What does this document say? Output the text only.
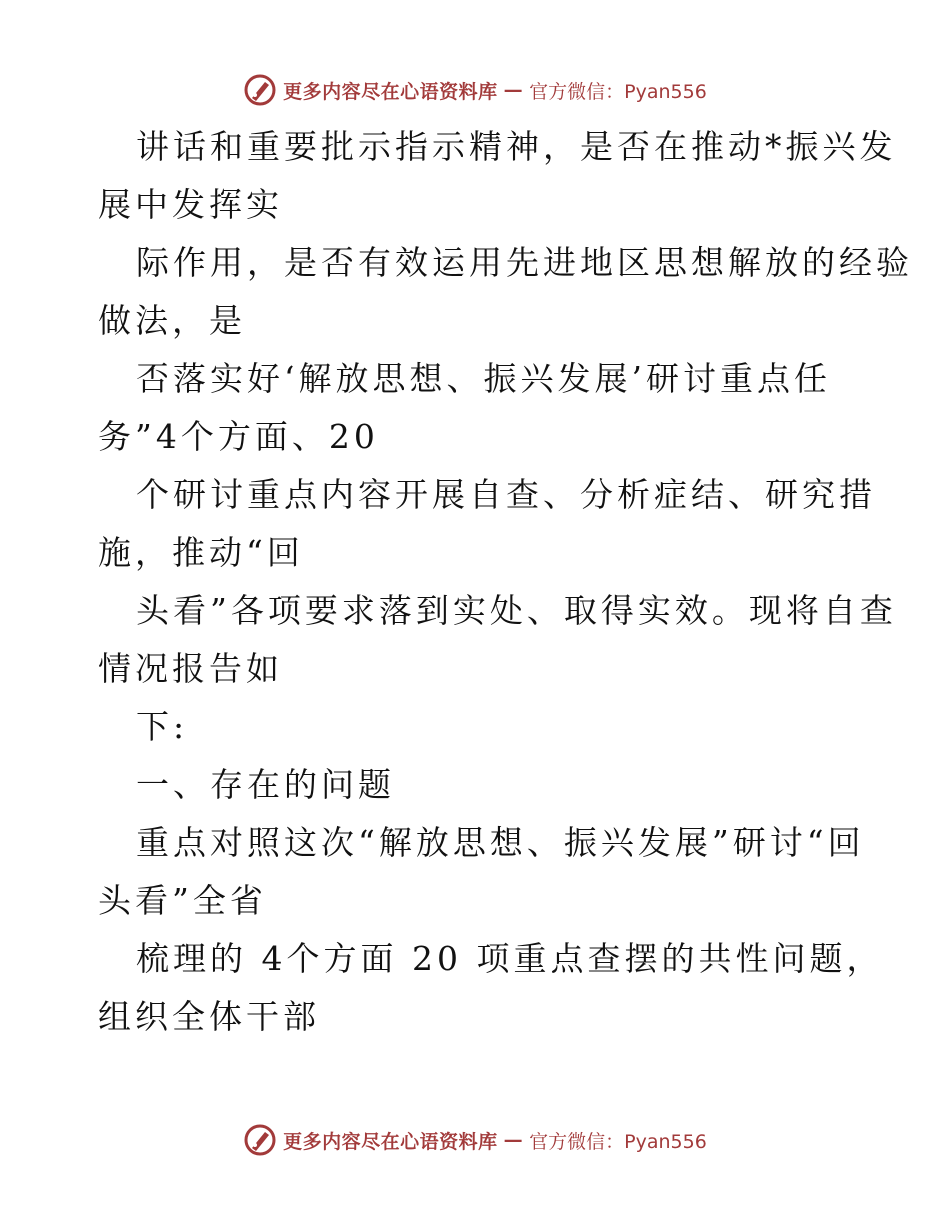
更多内容尽在心语资料库 — 官方微信：Pyan556

讲话和重要批示指示精神，是否在推动*振兴发

展中发挥实

际作用，是否有效运用先进地区思想解放的经验

做法，是

否落实好‘解放思想、振兴发展’研讨重点任

务”4个方面、20

个研讨重点内容开展自查、分析症结、研究措

施，推动“回

头看”各项要求落到实处、取得实效。现将自查

情况报告如

下:

一、存在的问题

重点对照这次“解放思想、振兴发展”研讨“回

头看”全省

梳理的 4个方面 20 项重点查摆的共性问题，

组织全体干部

更多内容尽在心语资料库 — 官方微信：Pyan556
